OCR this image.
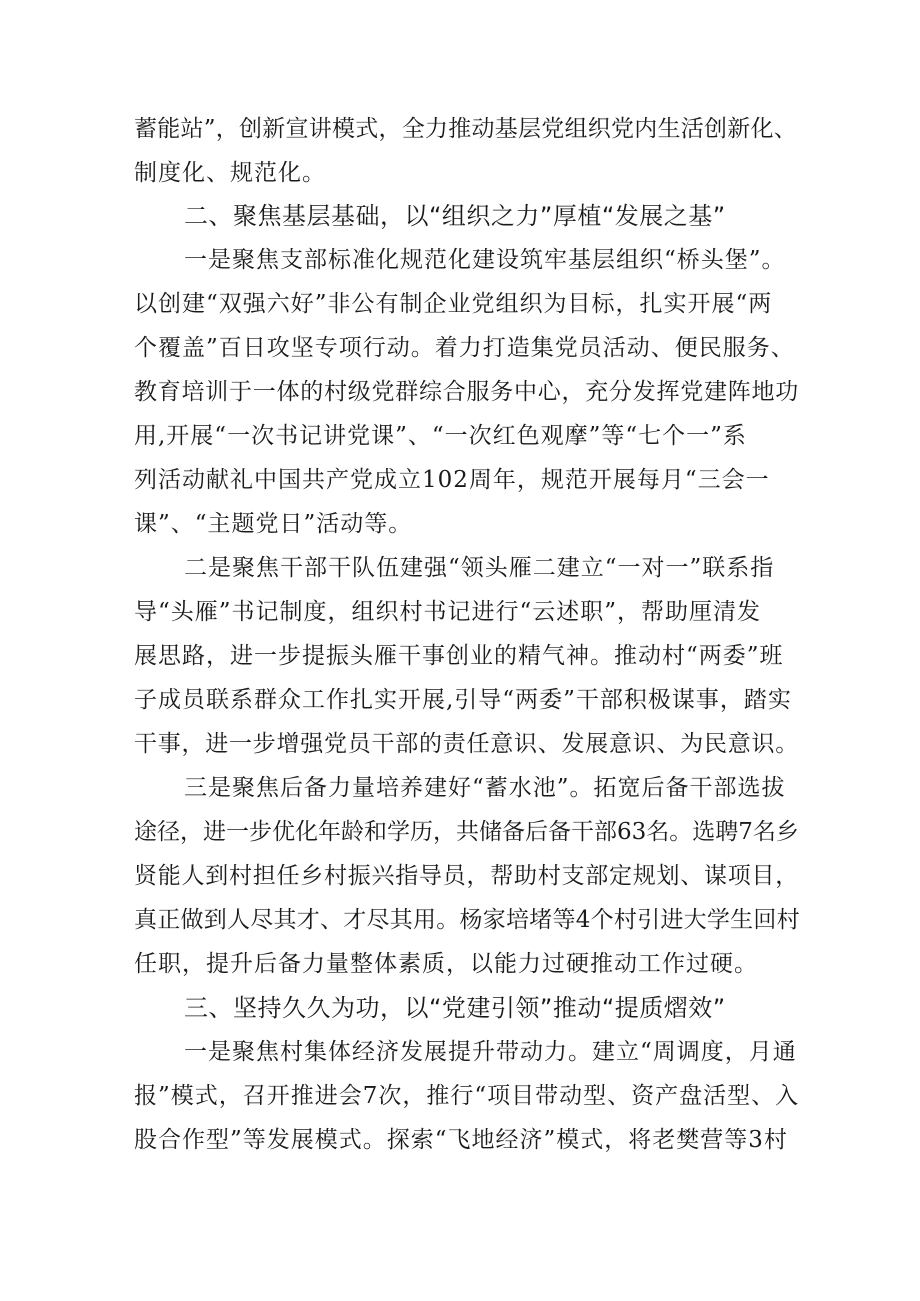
蓄能站”，创新宣讲模式，全力推动基层党组织党内生活创新化、
制度化、规范化。
二、聚焦基层基础，以“组织之力”厚植“发展之基”
一是聚焦支部标准化规范化建设筑牢基层组织“桥头堡”。
以创建“双强六好”非公有制企业党组织为目标，扎实开展“两
个覆盖”百日攻坚专项行动。着力打造集党员活动、便民服务、
教育培训于一体的村级党群综合服务中心，充分发挥党建阵地功
用,开展“一次书记讲党课”、“一次红色观摩”等“七个一”系
列活动献礼中国共产党成立102周年，规范开展每月“三会一
课”、“主题党日”活动等。
二是聚焦干部干队伍建强“领头雁二建立“一对一”联系指
导“头雁”书记制度，组织村书记进行“云述职”，帮助厘清发
展思路，进一步提振头雁干事创业的精气神。推动村“两委”班
子成员联系群众工作扎实开展,引导“两委”干部积极谋事，踏实
干事，进一步增强党员干部的责任意识、发展意识、为民意识。
三是聚焦后备力量培养建好“蓄水池”。拓宽后备干部选拔
途径，进一步优化年龄和学历，共储备后备干部63名。选聘7名乡
贤能人到村担任乡村振兴指导员，帮助村支部定规划、谋项目，
真正做到人尽其才、才尽其用。杨家培堵等4个村引进大学生回村
任职，提升后备力量整体素质，以能力过硬推动工作过硬。
三、坚持久久为功，以“党建引领”推动“提质熠效”
一是聚焦村集体经济发展提升带动力。建立“周调度，月通
报”模式，召开推进会7次，推行“项目带动型、资产盘活型、入
股合作型”等发展模式。探索“飞地经济”模式，将老樊营等3村
